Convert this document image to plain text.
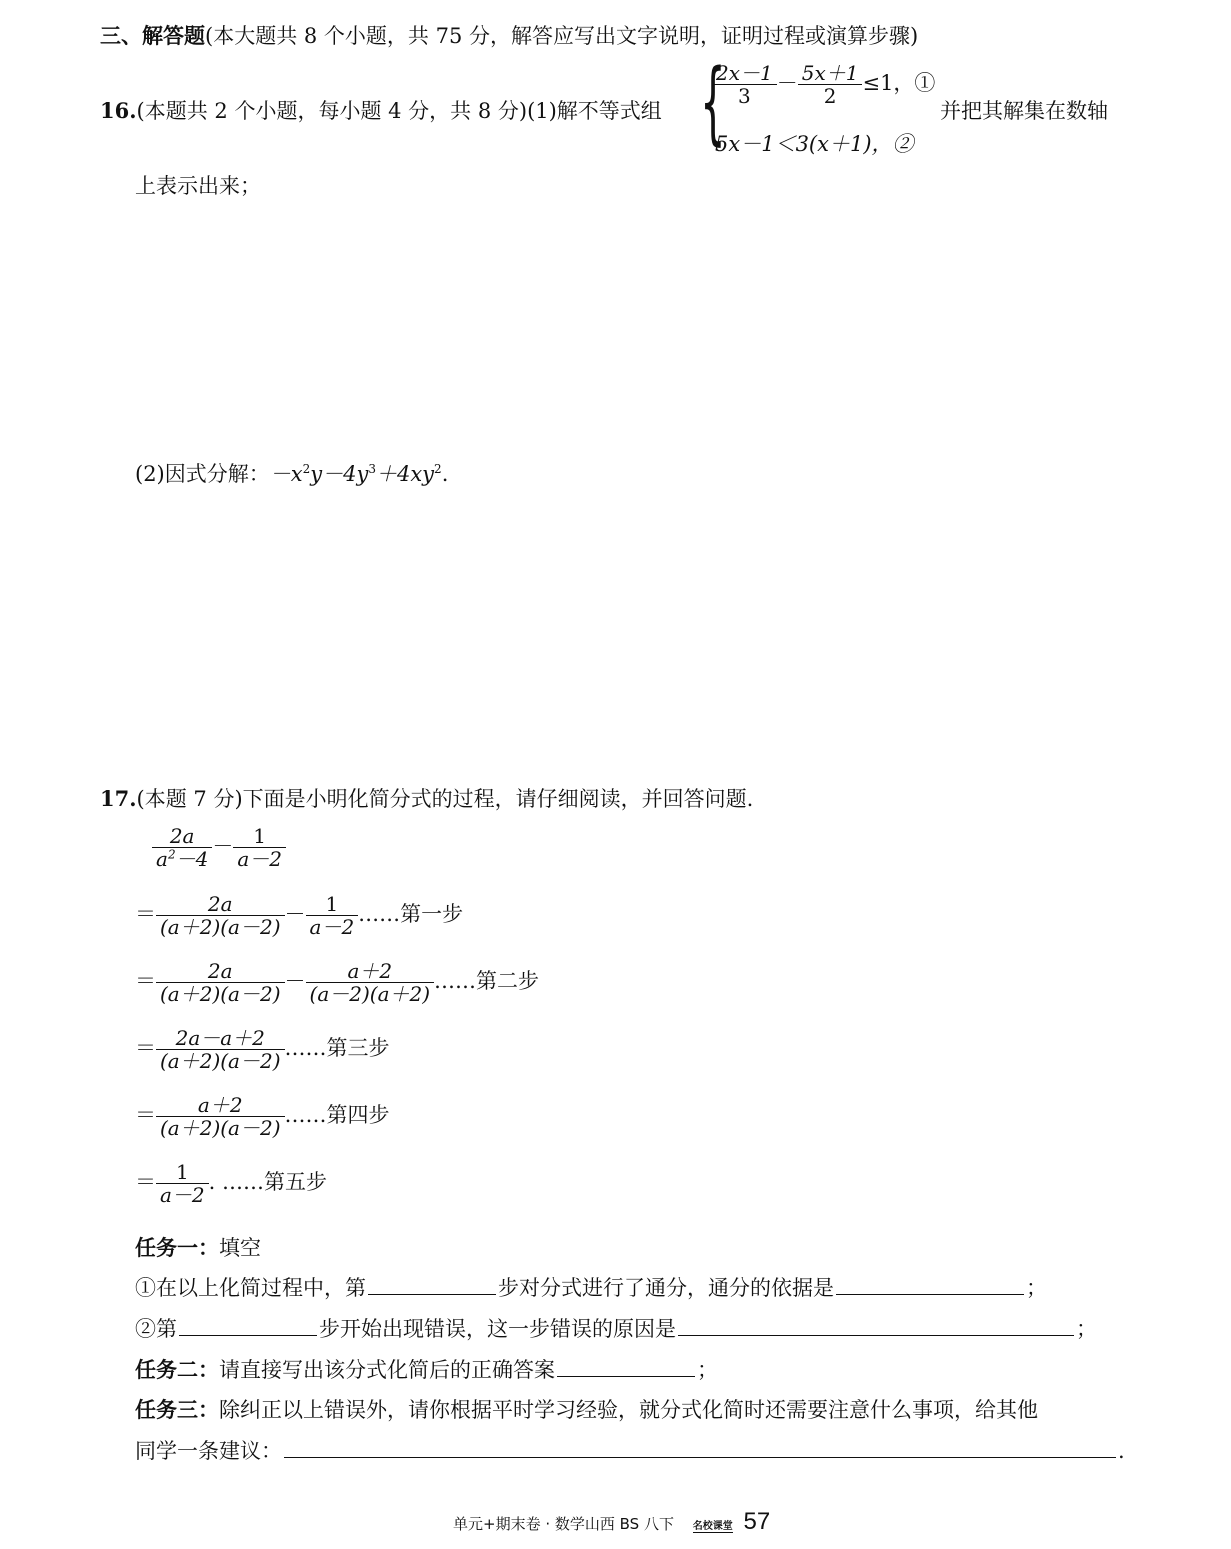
三、解答题(本大题共 8 个小题，共 75 分，解答应写出文字说明，证明过程或演算步骤)
16.(本题共 2 个小题，每小题 4 分，共 8 分)(1)解不等式组 {
$\frac{2x-1}{3} - \frac{5x+1}{2} \le 1$，①
5x－1＜3(x＋1)，②
并把其解集在数轴
上表示出来；
(2)因式分解：$-x^2y-4y^3+4xy^2$.
17.(本题 7 分)下面是小明化简分式的过程，请仔细阅读，并回答问题.
$\frac{2a}{a^2-4} - \frac{1}{a-2}$
＝ $\frac{2a}{(a+2)(a-2)} - \frac{1}{a-2}$ ……第一步
＝ $\frac{2a}{(a+2)(a-2)} - \frac{a+2}{(a-2)(a+2)}$ ……第二步
＝ $\frac{2a-a+2}{(a+2)(a-2)}$ ……第三步
＝ $\frac{a+2}{(a+2)(a-2)}$ ……第四步
＝ $\frac{1}{a-2}$ . ……第五步
任务一：填空
①在以上化简过程中，第	步对分式进行了通分，通分的依据是	；
②第	步开始出现错误，这一步错误的原因是	；
任务二：请直接写出该分式化简后的正确答案	；
任务三：除纠正以上错误外，请你根据平时学习经验，就分式化简时还需要注意什么事项，给其他
同学一条建议：	.
单元+期末卷 · 数学山西 BS 八下 名校课堂 57
